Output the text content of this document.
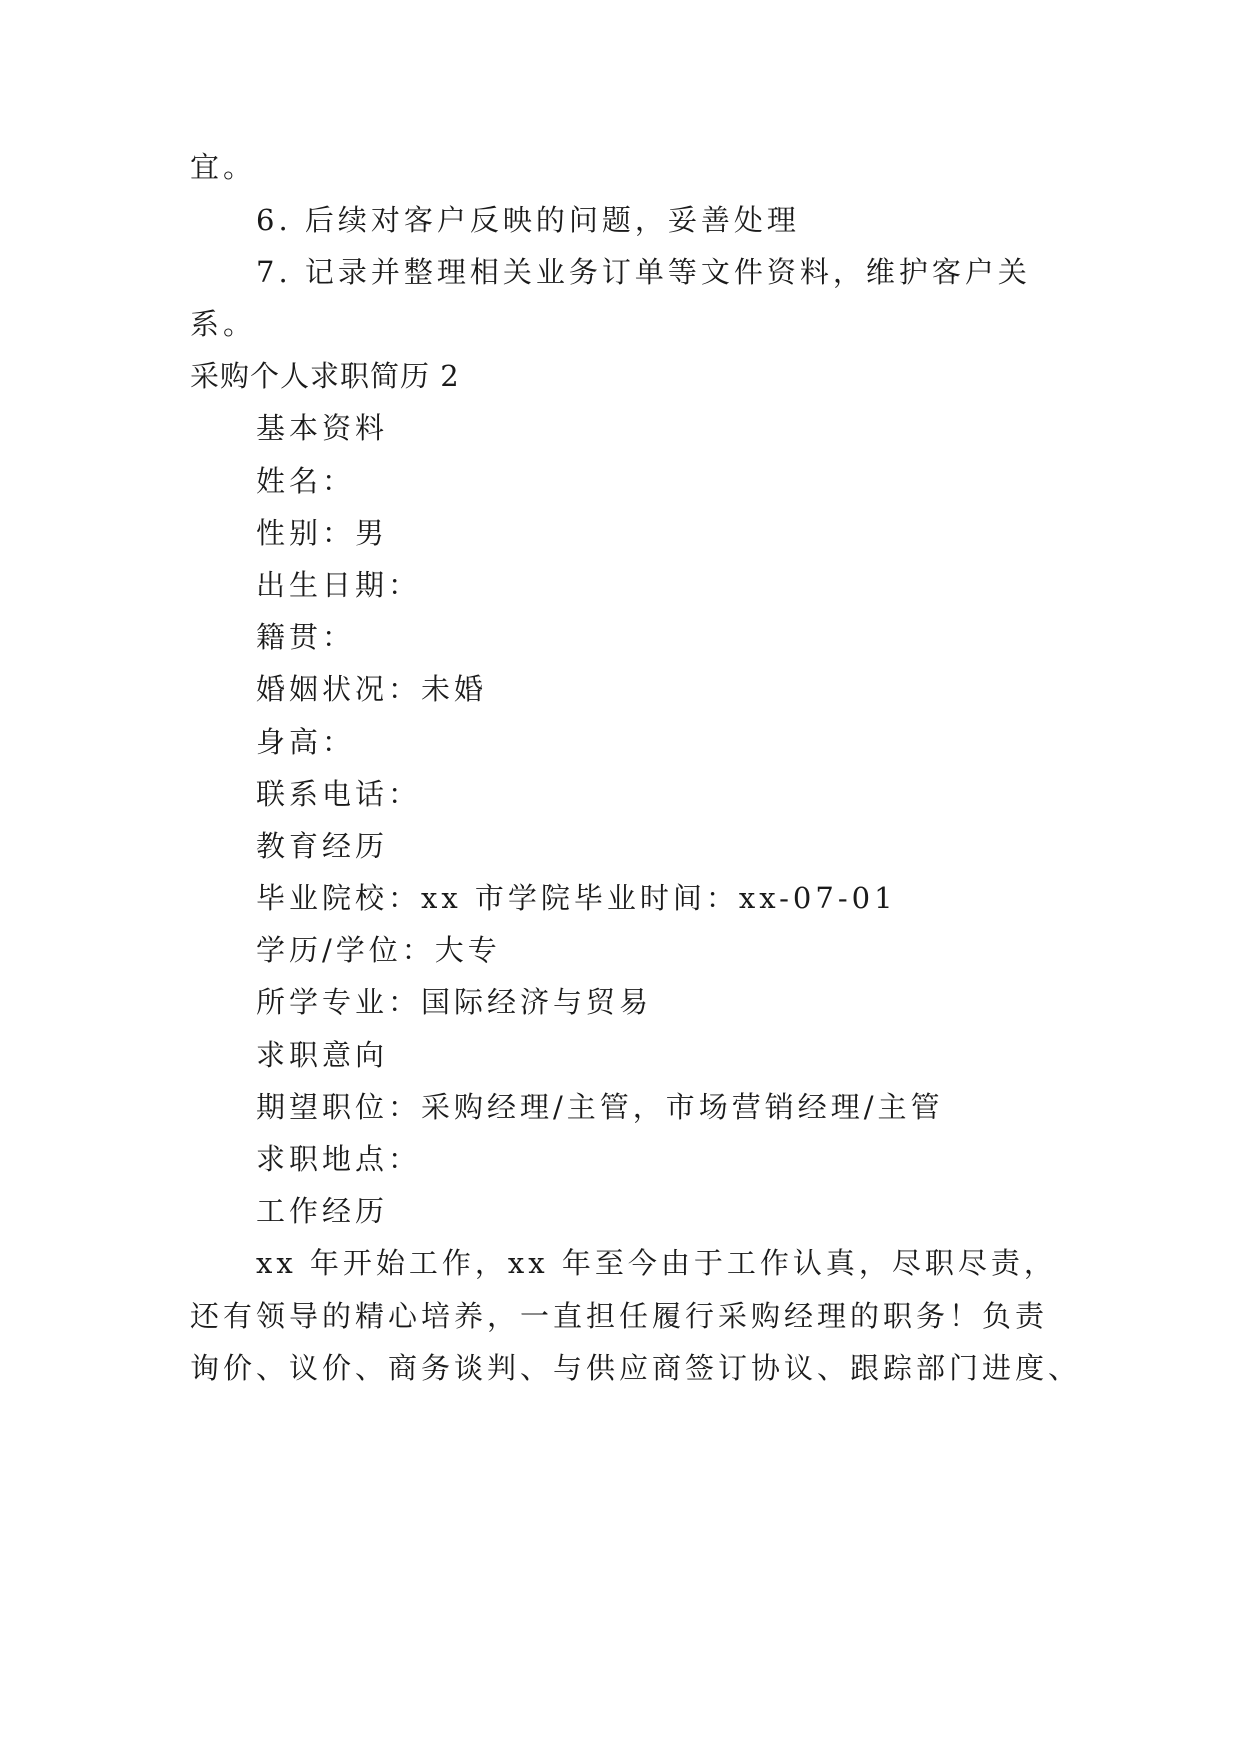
宜。
6. 后续对客户反映的问题，妥善处理
7. 记录并整理相关业务订单等文件资料，维护客户关
系。
采购个人求职简历 2
基本资料
姓名：
性别：男
出生日期：
籍贯：
婚姻状况：未婚
身高：
联系电话：
教育经历
毕业院校：xx 市学院毕业时间：xx-07-01
学历/学位：大专
所学专业：国际经济与贸易
求职意向
期望职位：采购经理/主管，市场营销经理/主管
求职地点：
工作经历
xx 年开始工作，xx 年至今由于工作认真，尽职尽责，
还有领导的精心培养，一直担任履行采购经理的职务！负责
询价、议价、商务谈判、与供应商签订协议、跟踪部门进度、
